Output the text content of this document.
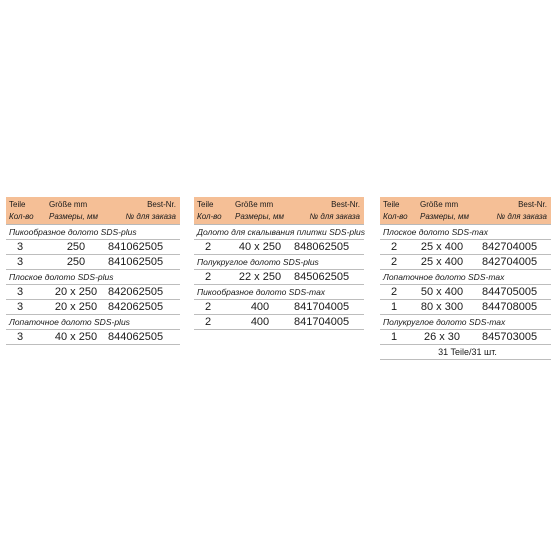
Teile	Größe mm	Best-Nr.
Кол-во Размеры, мм	№ для заказа
Пикообразное долото SDS-plus
3	250	841062505
3	250	841062505
Плоское долото SDS-plus
3	20 x 250 842062505
3	20 x 250 842062505
Лопаточное долото SDS-plus
3	40 x 250 844062505
Teile	Größe mm	Best-Nr.
Кол-во Размеры, мм	№ для заказа
Долото для скалывания плитки SDS-plus
2	40 x 250	848062505
Полукруглое долото SDS-plus
2	22 x 250	845062505
Пикообразное долото SDS-max
2	400	841704005
2	400	841704005
Teile	Größe mm	Best-Nr.
Кол-во Размеры, мм	№ для заказа
Плоское долото SDS-max
2	25 x 400	842704005
2	25 x 400	842704005
Лопаточное долото SDS-max
2	50 x 400	844705005
1	80 x 300	844708005
Полукруглое долото SDS-max
1	26 x 30	845703005
31 Teile/31 шт.
